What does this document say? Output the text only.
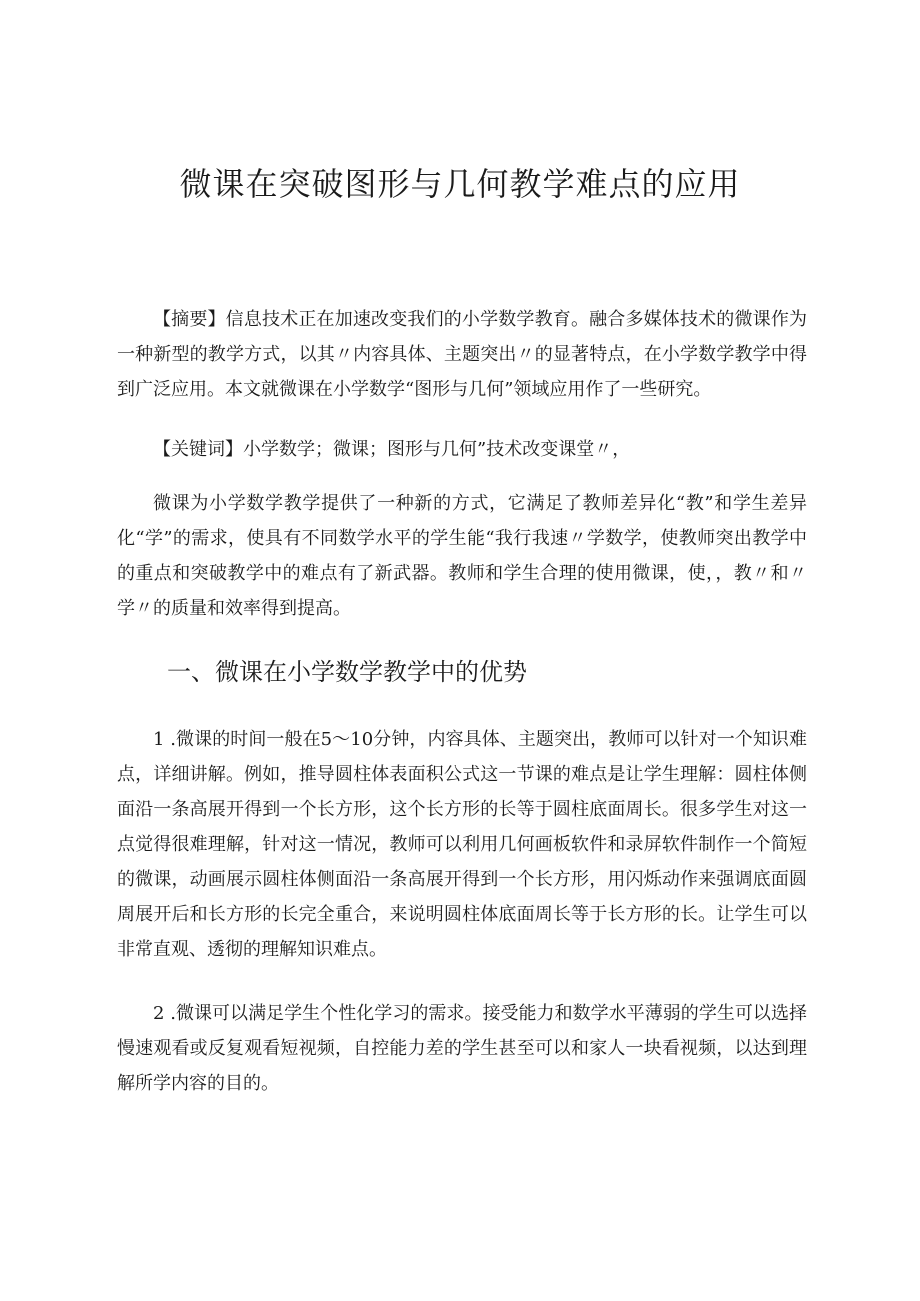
微课在突破图形与几何教学难点的应用

【摘要】信息技术正在加速改变我们的小学数学教育。融合多媒体技术的微课作为一种新型的教学方式，以其〃内容具体、主题突出〃的显著特点，在小学数学教学中得到广泛应用。本文就微课在小学数学“图形与几何”领域应用作了一些研究。

【关键词】小学数学；微课；图形与几何”技术改变课堂〃，

微课为小学数学教学提供了一种新的方式，它满足了教师差异化“教”和学生差异化“学”的需求，使具有不同数学水平的学生能“我行我速〃学数学，使教师突出教学中的重点和突破教学中的难点有了新武器。教师和学生合理的使用微课，使，，教〃和〃学〃的质量和效率得到提高。

一、微课在小学数学教学中的优势

1 .微课的时间一般在5～10分钟，内容具体、主题突出，教师可以针对一个知识难点，详细讲解。例如，推导圆柱体表面积公式这一节课的难点是让学生理解：圆柱体侧面沿一条高展开得到一个长方形，这个长方形的长等于圆柱底面周长。很多学生对这一点觉得很难理解，针对这一情况，教师可以利用几何画板软件和录屏软件制作一个简短的微课，动画展示圆柱体侧面沿一条高展开得到一个长方形，用闪烁动作来强调底面圆周展开后和长方形的长完全重合，来说明圆柱体底面周长等于长方形的长。让学生可以非常直观、透彻的理解知识难点。

2 .微课可以满足学生个性化学习的需求。接受能力和数学水平薄弱的学生可以选择慢速观看或反复观看短视频，自控能力差的学生甚至可以和家人一块看视频，以达到理解所学内容的目的。
